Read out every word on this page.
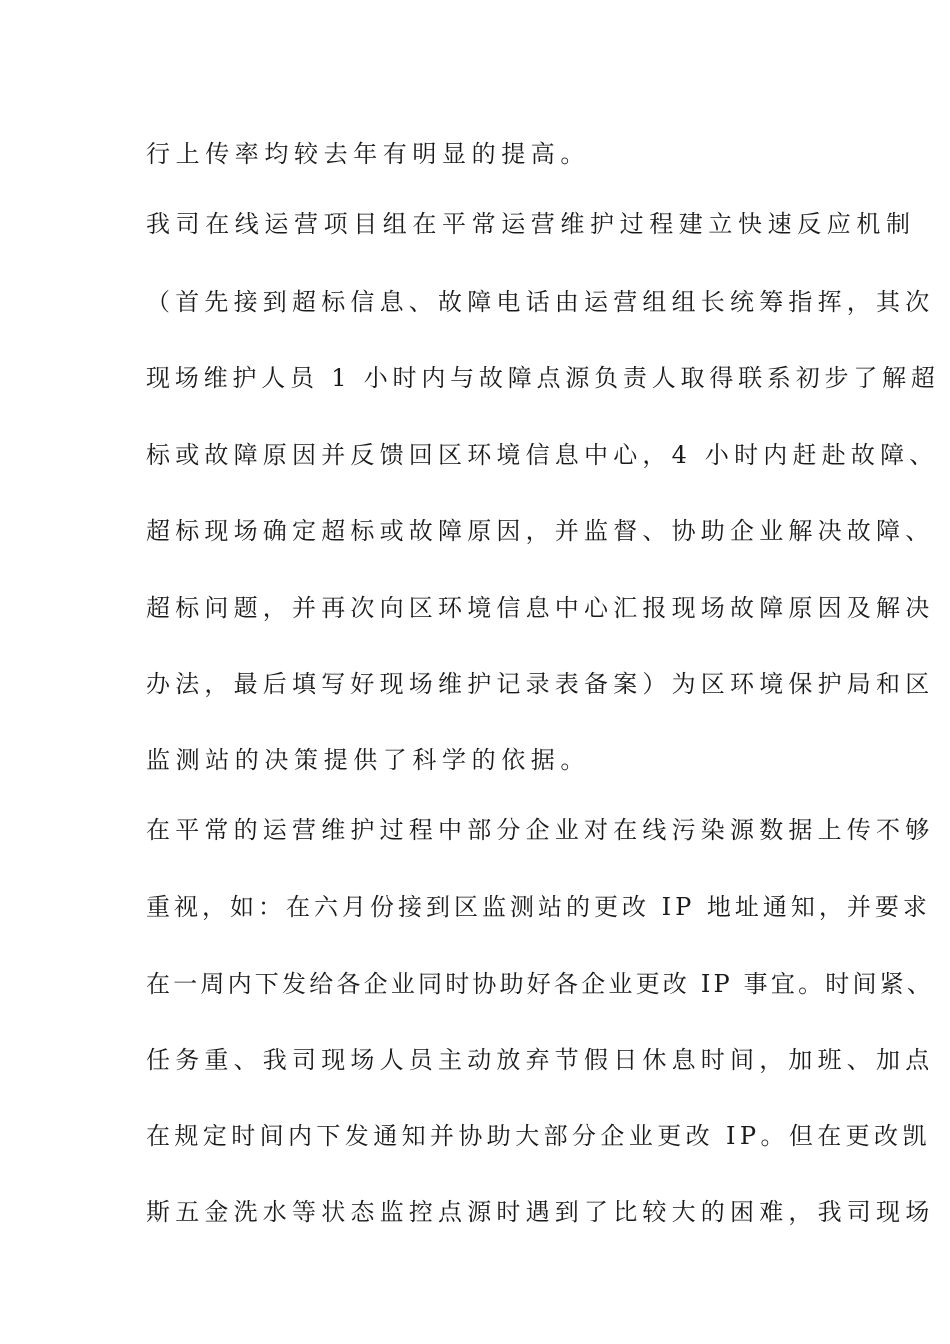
行上传率均较去年有明显的提高。

我司在线运营项目组在平常运营维护过程建立快速反应机制

（首先接到超标信息、故障电话由运营组组长统筹指挥，其次

现场维护人员 1 小时内与故障点源负责人取得联系初步了解超

标或故障原因并反馈回区环境信息中心，4 小时内赶赴故障、

超标现场确定超标或故障原因，并监督、协助企业解决故障、

超标问题，并再次向区环境信息中心汇报现场故障原因及解决

办法，最后填写好现场维护记录表备案）为区环境保护局和区

监测站的决策提供了科学的依据。

在平常的运营维护过程中部分企业对在线污染源数据上传不够

重视，如：在六月份接到区监测站的更改 IP 地址通知，并要求

在一周内下发给各企业同时协助好各企业更改 IP 事宜。时间紧、

任务重、我司现场人员主动放弃节假日休息时间，加班、加点

在规定时间内下发通知并协助大部分企业更改 IP。但在更改凯

斯五金洗水等状态监控点源时遇到了比较大的困难，我司现场
